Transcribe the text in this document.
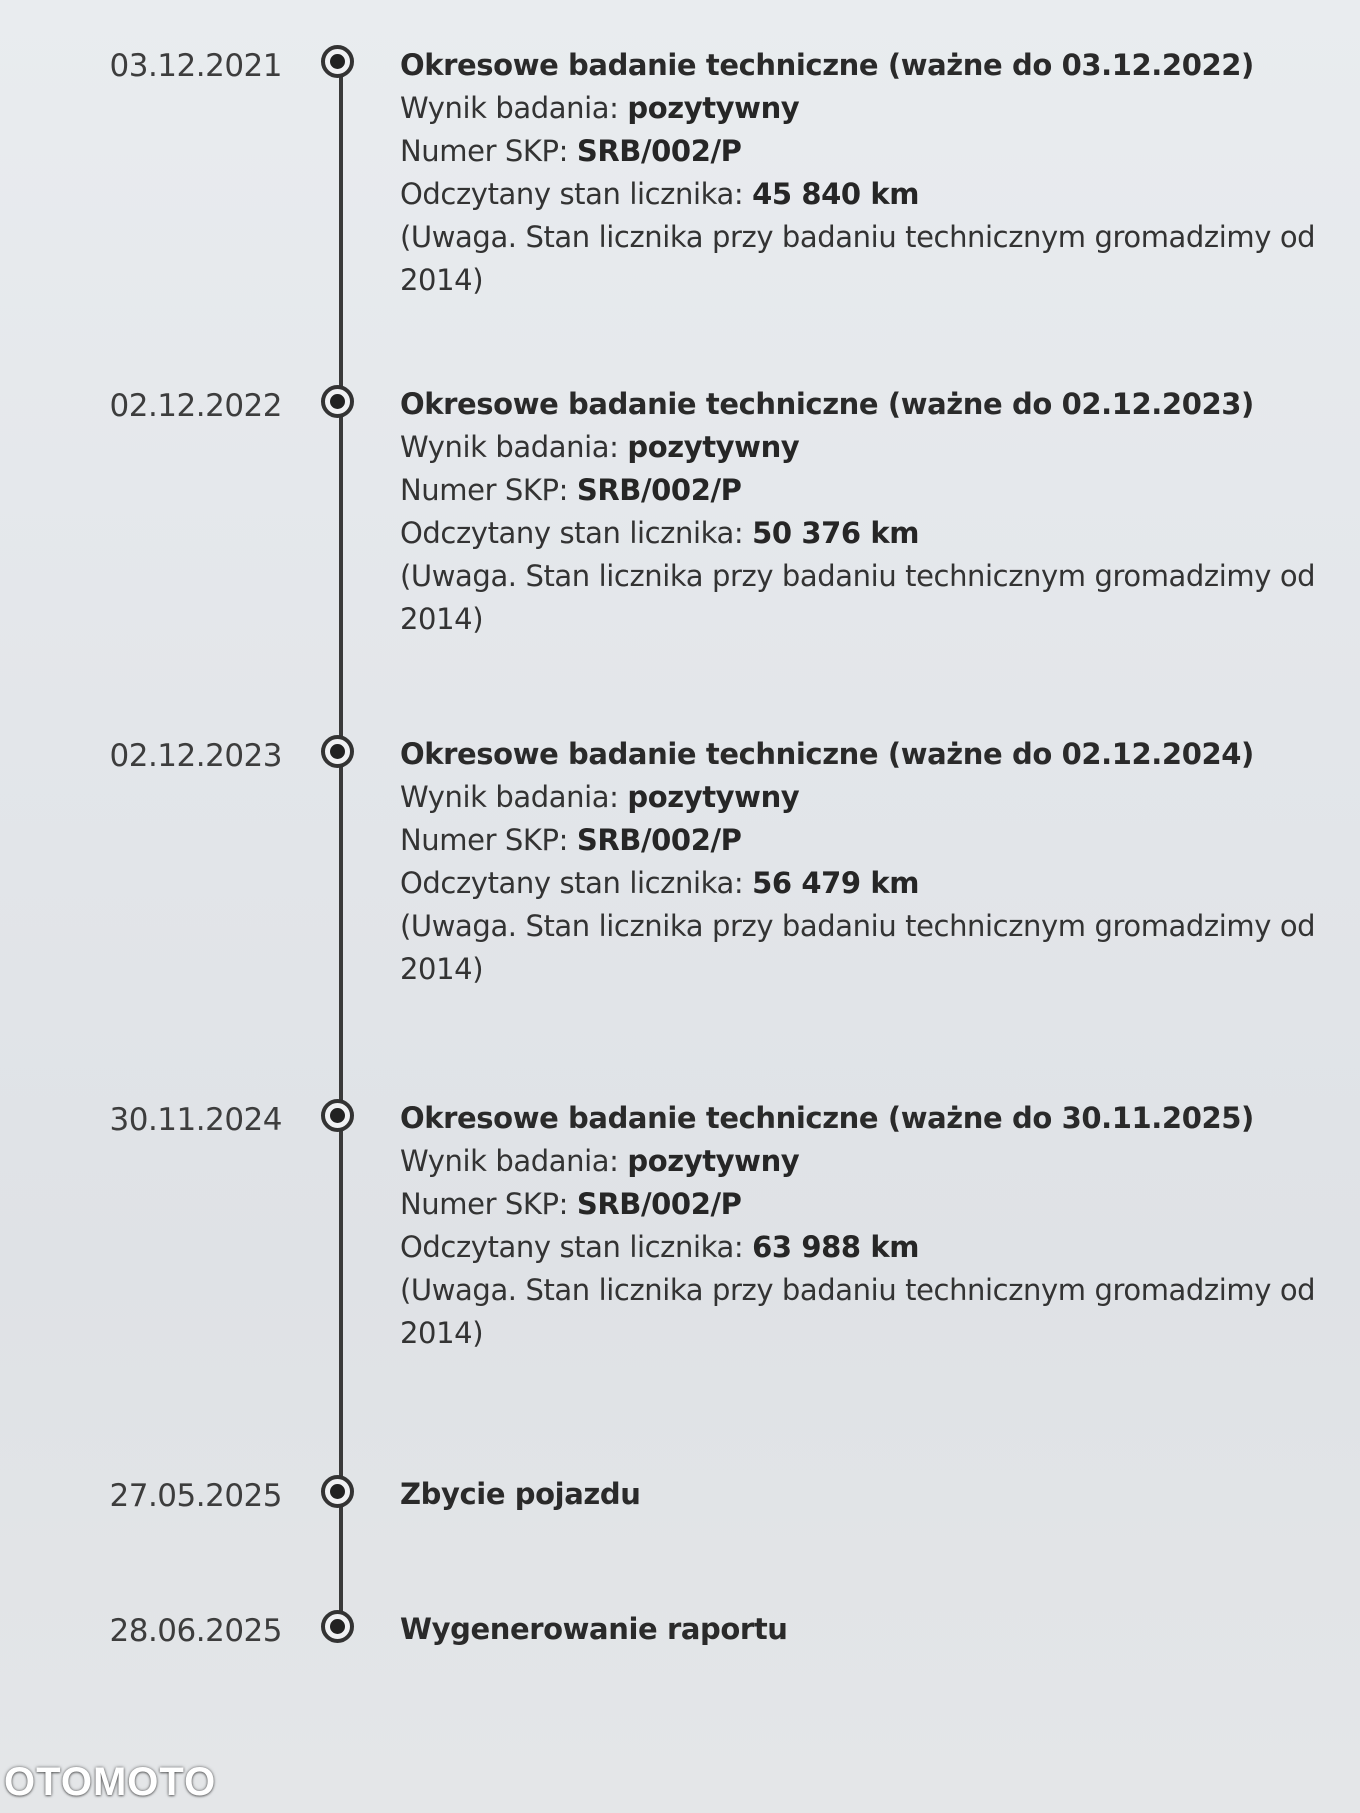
03.12.2021	Okresowe badanie techniczne (ważne do 03.12.2022)
Wynik badania: pozytywny
Numer SKP: SRB/002/P
Odczytany stan licznika: 45 840 km
(Uwaga. Stan licznika przy badaniu technicznym gromadzimy od 2014)
02.12.2022	Okresowe badanie techniczne (ważne do 02.12.2023)
Wynik badania: pozytywny
Numer SKP: SRB/002/P
Odczytany stan licznika: 50 376 km
(Uwaga. Stan licznika przy badaniu technicznym gromadzimy od 2014)
02.12.2023	Okresowe badanie techniczne (ważne do 02.12.2024)
Wynik badania: pozytywny
Numer SKP: SRB/002/P
Odczytany stan licznika: 56 479 km
(Uwaga. Stan licznika przy badaniu technicznym gromadzimy od 2014)
30.11.2024	Okresowe badanie techniczne (ważne do 30.11.2025)
Wynik badania: pozytywny
Numer SKP: SRB/002/P
Odczytany stan licznika: 63 988 km
(Uwaga. Stan licznika przy badaniu technicznym gromadzimy od 2014)
27.05.2025	Zbycie pojazdu
28.06.2025	Wygenerowanie raportu
OTOMOTO
